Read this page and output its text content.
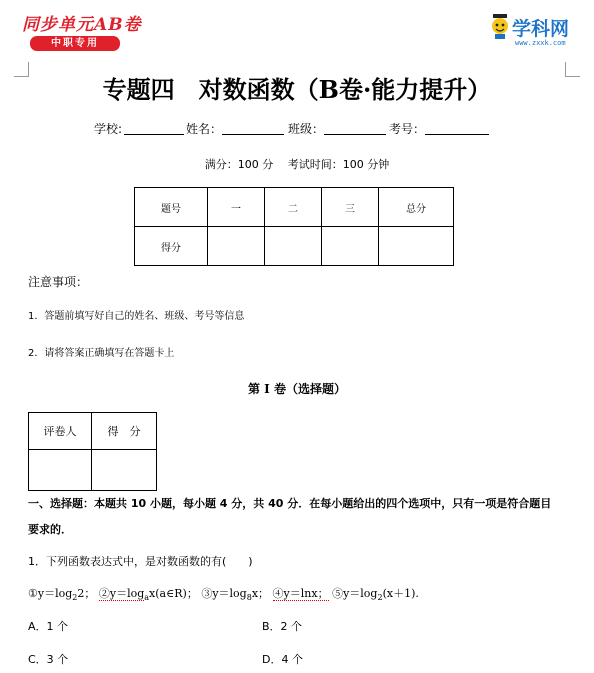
同步单元AB卷
中职专用
学科网
www.zxxk.com
专题四　对数函数（B卷·能力提升）
学校:	姓名：	班级：	考号：
满分：100 分　 考试时间：100 分钟
题号	一	二	三	总分
得分				
注意事项：
1．答题前填写好自己的姓名、班级、考号等信息
2．请将答案正确填写在答题卡上
第 I 卷（选择题）
评卷人	得　分

一、选择题：本题共 10 小题，每小题 4 分，共 40 分．在每小题给出的四个选项中，只有一项是符合题目
要求的．
1．下列函数表达式中，是对数函数的有(　　)
$①y=\log_22$； $②y=\log_ax(a\in R)$； $③y=\log_8x$； ④y＝lnx； $⑤y=\log_2(x+1)$.
A．1 个	B．2 个
C．3 个	D．4 个
